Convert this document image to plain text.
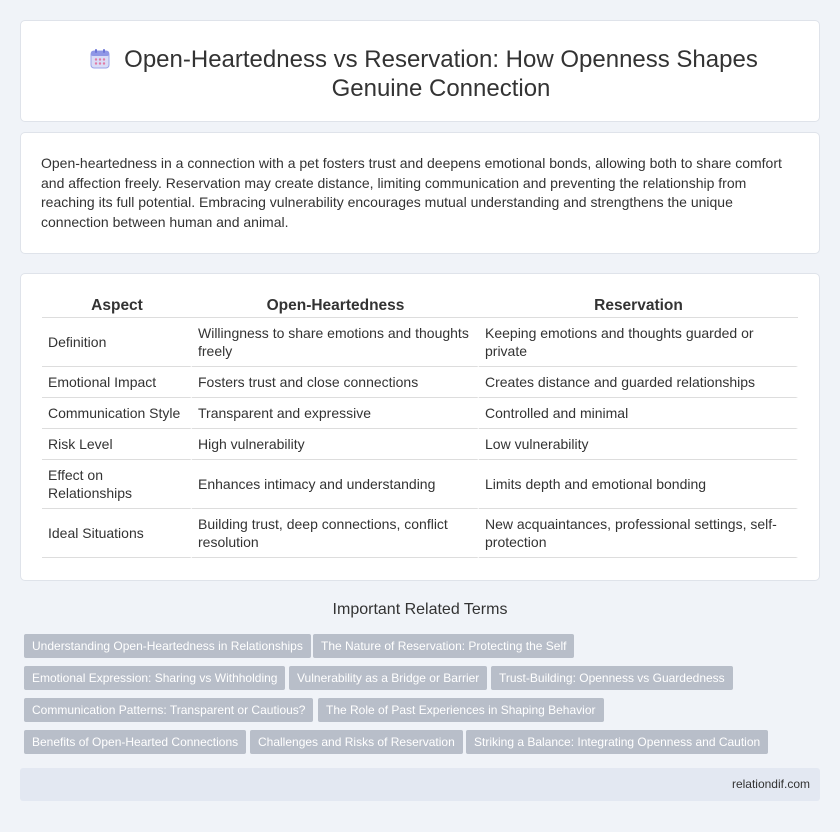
Open-Heartedness vs Reservation: How Openness Shapes Genuine Connection

Open-heartedness in a connection with a pet fosters trust and deepens emotional bonds, allowing both to share comfort and affection freely. Reservation may create distance, limiting communication and preventing the relationship from reaching its full potential. Embracing vulnerability encourages mutual understanding and strengthens the unique connection between human and animal.

Aspect	Open-Heartedness	Reservation
Definition	Willingness to share emotions and thoughts freely	Keeping emotions and thoughts guarded or private
Emotional Impact	Fosters trust and close connections	Creates distance and guarded relationships
Communication Style	Transparent and expressive	Controlled and minimal
Risk Level	High vulnerability	Low vulnerability
Effect on Relationships	Enhances intimacy and understanding	Limits depth and emotional bonding
Ideal Situations	Building trust, deep connections, conflict resolution	New acquaintances, professional settings, self-protection
Important Related Terms
Understanding Open-Heartedness in Relationships	The Nature of Reservation: Protecting the Self
Emotional Expression: Sharing vs Withholding	Vulnerability as a Bridge or Barrier	Trust-Building: Openness vs Guardedness
Communication Patterns: Transparent or Cautious?	The Role of Past Experiences in Shaping Behavior
Benefits of Open-Hearted Connections	Challenges and Risks of Reservation	Striking a Balance: Integrating Openness and Caution
relationdif.com
